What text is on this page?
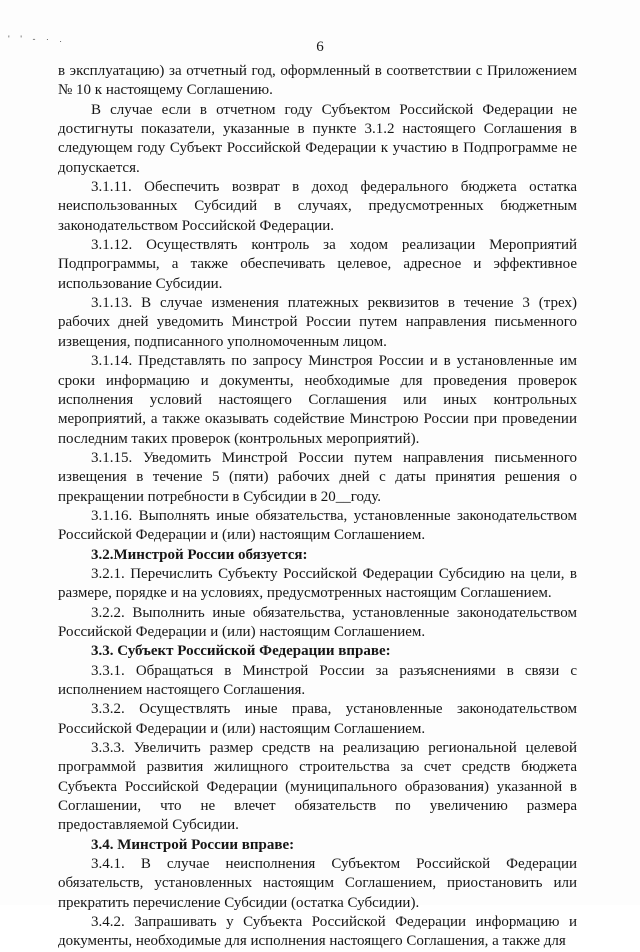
' ' - · .	6

в эксплуатацию) за отчетный год, оформленный в соответствии с Приложением № 10 к настоящему Соглашению.

В случае если в отчетном году Субъектом Российской Федерации не достигнуты показатели, указанные в пункте 3.1.2 настоящего Соглашения в следующем году Субъект Российской Федерации к участию в Подпрограмме не допускается.

3.1.11. Обеспечить возврат в доход федерального бюджета остатка неиспользованных Субсидий в случаях, предусмотренных бюджетным законодательством Российской Федерации.

3.1.12. Осуществлять контроль за ходом реализации Мероприятий Подпрограммы, а также обеспечивать целевое, адресное и эффективное использование Субсидии.

3.1.13. В случае изменения платежных реквизитов в течение 3 (трех) рабочих дней уведомить Минстрой России путем направления письменного извещения, подписанного уполномоченным лицом.

3.1.14. Представлять по запросу Минстроя России и в установленные им сроки информацию и документы, необходимые для проведения проверок исполнения условий настоящего Соглашения или иных контрольных мероприятий, а также оказывать содействие Минстрою России при проведении последним таких проверок (контрольных мероприятий).

3.1.15. Уведомить Минстрой России путем направления письменного извещения в течение 5 (пяти) рабочих дней с даты принятия решения о прекращении потребности в Субсидии в 20__году.

3.1.16. Выполнять иные обязательства, установленные законодательством Российской Федерации и (или) настоящим Соглашением.

3.2.Минстрой России обязуется:

3.2.1. Перечислить Субъекту Российской Федерации Субсидию на цели, в размере, порядке и на условиях, предусмотренных настоящим Соглашением.

3.2.2. Выполнить иные обязательства, установленные законодательством Российской Федерации и (или) настоящим Соглашением.

3.3. Субъект Российской Федерации вправе:

3.3.1. Обращаться в Минстрой России за разъяснениями в связи с исполнением настоящего Соглашения.

3.3.2. Осуществлять иные права, установленные законодательством Российской Федерации и (или) настоящим Соглашением.

3.3.3. Увеличить размер средств на реализацию региональной целевой программой развития жилищного строительства за счет средств бюджета Субъекта Российской Федерации (муниципального образования) указанной в Соглашении, что не влечет обязательств по увеличению размера предоставляемой Субсидии.

3.4. Минстрой России вправе:

3.4.1. В случае неисполнения Субъектом Российской Федерации обязательств, установленных настоящим Соглашением, приостановить или прекратить перечисление Субсидии (остатка Субсидии).

3.4.2. Запрашивать у Субъекта Российской Федерации информацию и документы, необходимые для исполнения настоящего Соглашения, а также для
